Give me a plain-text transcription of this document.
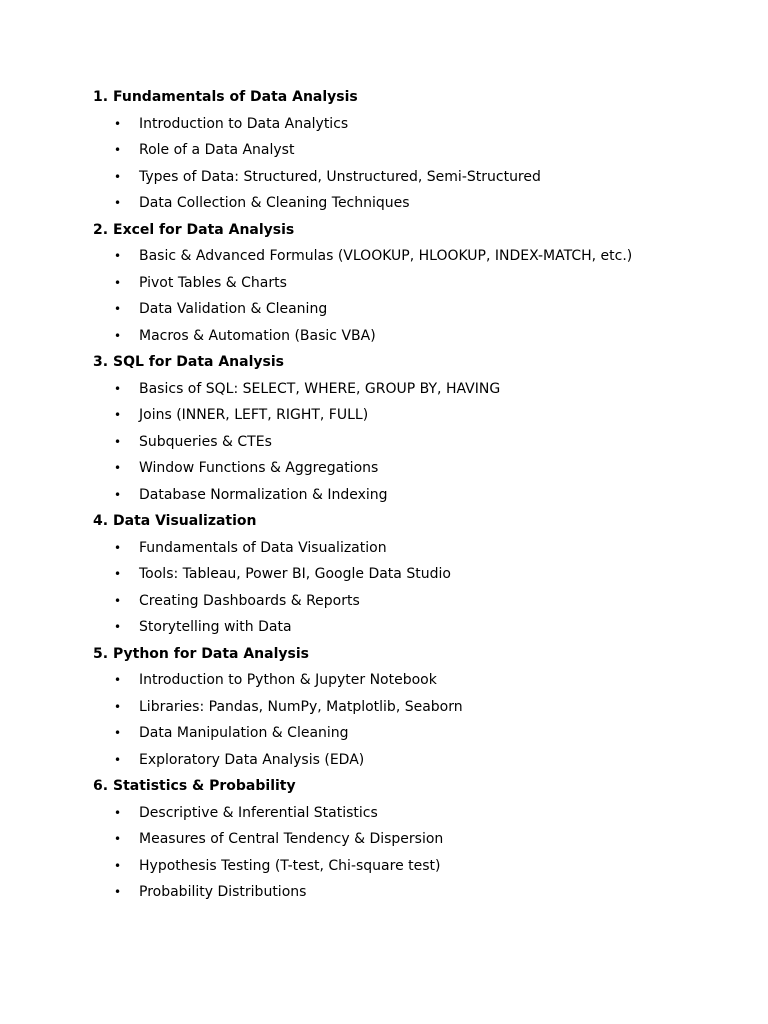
1. Fundamentals of Data Analysis
• Introduction to Data Analytics
• Role of a Data Analyst
• Types of Data: Structured, Unstructured, Semi-Structured
• Data Collection & Cleaning Techniques
2. Excel for Data Analysis
• Basic & Advanced Formulas (VLOOKUP, HLOOKUP, INDEX-MATCH, etc.)
• Pivot Tables & Charts
• Data Validation & Cleaning
• Macros & Automation (Basic VBA)
3. SQL for Data Analysis
• Basics of SQL: SELECT, WHERE, GROUP BY, HAVING
• Joins (INNER, LEFT, RIGHT, FULL)
• Subqueries & CTEs
• Window Functions & Aggregations
• Database Normalization & Indexing
4. Data Visualization
• Fundamentals of Data Visualization
• Tools: Tableau, Power BI, Google Data Studio
• Creating Dashboards & Reports
• Storytelling with Data
5. Python for Data Analysis
• Introduction to Python & Jupyter Notebook
• Libraries: Pandas, NumPy, Matplotlib, Seaborn
• Data Manipulation & Cleaning
• Exploratory Data Analysis (EDA)
6. Statistics & Probability
• Descriptive & Inferential Statistics
• Measures of Central Tendency & Dispersion
• Hypothesis Testing (T-test, Chi-square test)
• Probability Distributions
